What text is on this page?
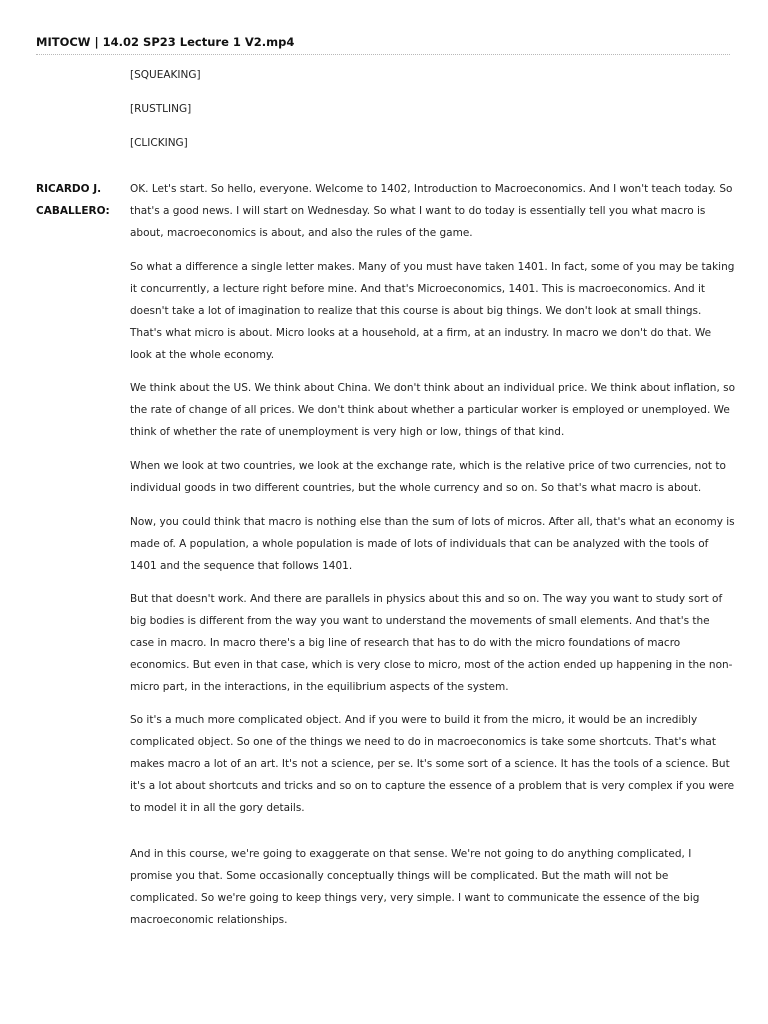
MITOCW | 14.02 SP23 Lecture 1 V2.mp4
[SQUEAKING]
[RUSTLING]
[CLICKING]
RICARDO J.
CABALLERO:
OK. Let's start. So hello, everyone. Welcome to 1402, Introduction to Macroeconomics. And I won't teach today. So that's a good news. I will start on Wednesday. So what I want to do today is essentially tell you what macro is about, macroeconomics is about, and also the rules of the game.
So what a difference a single letter makes. Many of you must have taken 1401. In fact, some of you may be taking it concurrently, a lecture right before mine. And that's Microeconomics, 1401. This is macroeconomics. And it doesn't take a lot of imagination to realize that this course is about big things. We don't look at small things. That's what micro is about. Micro looks at a household, at a firm, at an industry. In macro we don't do that. We look at the whole economy.
We think about the US. We think about China. We don't think about an individual price. We think about inflation, so the rate of change of all prices. We don't think about whether a particular worker is employed or unemployed. We think of whether the rate of unemployment is very high or low, things of that kind.
When we look at two countries, we look at the exchange rate, which is the relative price of two currencies, not to individual goods in two different countries, but the whole currency and so on. So that's what macro is about.
Now, you could think that macro is nothing else than the sum of lots of micros. After all, that's what an economy is made of. A population, a whole population is made of lots of individuals that can be analyzed with the tools of 1401 and the sequence that follows 1401.
But that doesn't work. And there are parallels in physics about this and so on. The way you want to study sort of big bodies is different from the way you want to understand the movements of small elements. And that's the case in macro. In macro there's a big line of research that has to do with the micro foundations of macro economics. But even in that case, which is very close to micro, most of the action ended up happening in the non-micro part, in the interactions, in the equilibrium aspects of the system.
So it's a much more complicated object. And if you were to build it from the micro, it would be an incredibly complicated object. So one of the things we need to do in macroeconomics is take some shortcuts. That's what makes macro a lot of an art. It's not a science, per se. It's some sort of a science. It has the tools of a science. But it's a lot about shortcuts and tricks and so on to capture the essence of a problem that is very complex if you were to model it in all the gory details.
And in this course, we're going to exaggerate on that sense. We're not going to do anything complicated, I promise you that. Some occasionally conceptually things will be complicated. But the math will not be complicated. So we're going to keep things very, very simple. I want to communicate the essence of the big macroeconomic relationships.
